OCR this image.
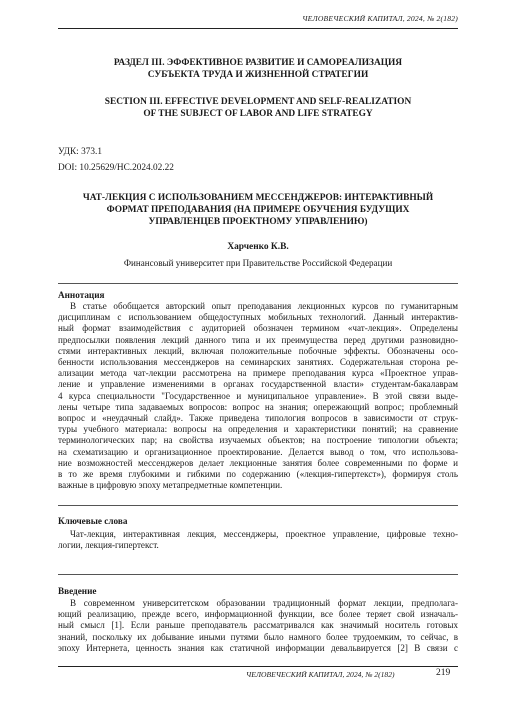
ЧЕЛОВЕЧЕСКИЙ КАПИТАЛ, 2024, № 2(182)
РАЗДЕЛ III. ЭФФЕКТИВНОЕ РАЗВИТИЕ И САМОРЕАЛИЗАЦИЯ
СУБЪЕКТА ТРУДА И ЖИЗНЕННОЙ СТРАТЕГИИ
SECTION III. EFFECTIVE DEVELOPMENT AND SELF-REALIZATION
OF THE SUBJECT OF LABOR AND LIFE STRATEGY
УДК: 373.1
DOI: 10.25629/HC.2024.02.22
ЧАТ-ЛЕКЦИЯ С ИСПОЛЬЗОВАНИЕМ МЕССЕНДЖЕРОВ: ИНТЕРАКТИВНЫЙ
ФОРМАТ ПРЕПОДАВАНИЯ (НА ПРИМЕРЕ ОБУЧЕНИЯ БУДУЩИХ
УПРАВЛЕНЦЕВ ПРОЕКТНОМУ УПРАВЛЕНИЮ)
Харченко К.В.
Финансовый университет при Правительстве Российской Федерации
Аннотация
В статье обобщается авторский опыт преподавания лекционных курсов по гуманитарным
дисциплинам с использованием общедоступных мобильных технологий. Данный интерактив-
ный формат взаимодействия с аудиторией обозначен термином «чат-лекция». Определены
предпосылки появления лекций данного типа и их преимущества перед другими разновидно-
стями интерактивных лекций, включая положительные побочные эффекты. Обозначены осо-
бенности использования мессенджеров на семинарских занятиях. Содержательная сторона ре-
ализации метода чат-лекции рассмотрена на примере преподавания курса «Проектное управ-
ление и управление изменениями в органах государственной власти» студентам-бакалаврам
4 курса специальности "Государственное и муниципальное управление». В этой связи выде-
лены четыре типа задаваемых вопросов: вопрос на знания; опережающий вопрос; проблемный
вопрос и «неудачный слайд». Также приведена типология вопросов в зависимости от струк-
туры учебного материала: вопросы на определения и характеристики понятий; на сравнение
терминологических пар; на свойства изучаемых объектов; на построение типологии объекта;
на схематизацию и организационное проектирование. Делается вывод о том, что использова-
ние возможностей мессенджеров делает лекционные занятия более современными по форме и
в то же время глубокими и гибкими по содержанию («лекция-гипертекст»), формируя столь
важные в цифровую эпоху метапредметные компетенции.
Ключевые слова
Чат-лекция, интерактивная лекция, мессенджеры, проектное управление, цифровые техно-
логии, лекция-гипертекст.
Введение
В современном университетском образовании традиционный формат лекции, предполага-
ющий реализацию, прежде всего, информационной функции, все более теряет свой изначаль-
ный смысл [1]. Если раньше преподаватель рассматривался как значимый носитель готовых
знаний, поскольку их добывание иными путями было намного более трудоемким, то сейчас, в
эпоху Интернета, ценность знания как статичной информации девальвируется [2] В связи с
ЧЕЛОВЕЧЕСКИЙ КАПИТАЛ, 2024, № 2(182)	219
